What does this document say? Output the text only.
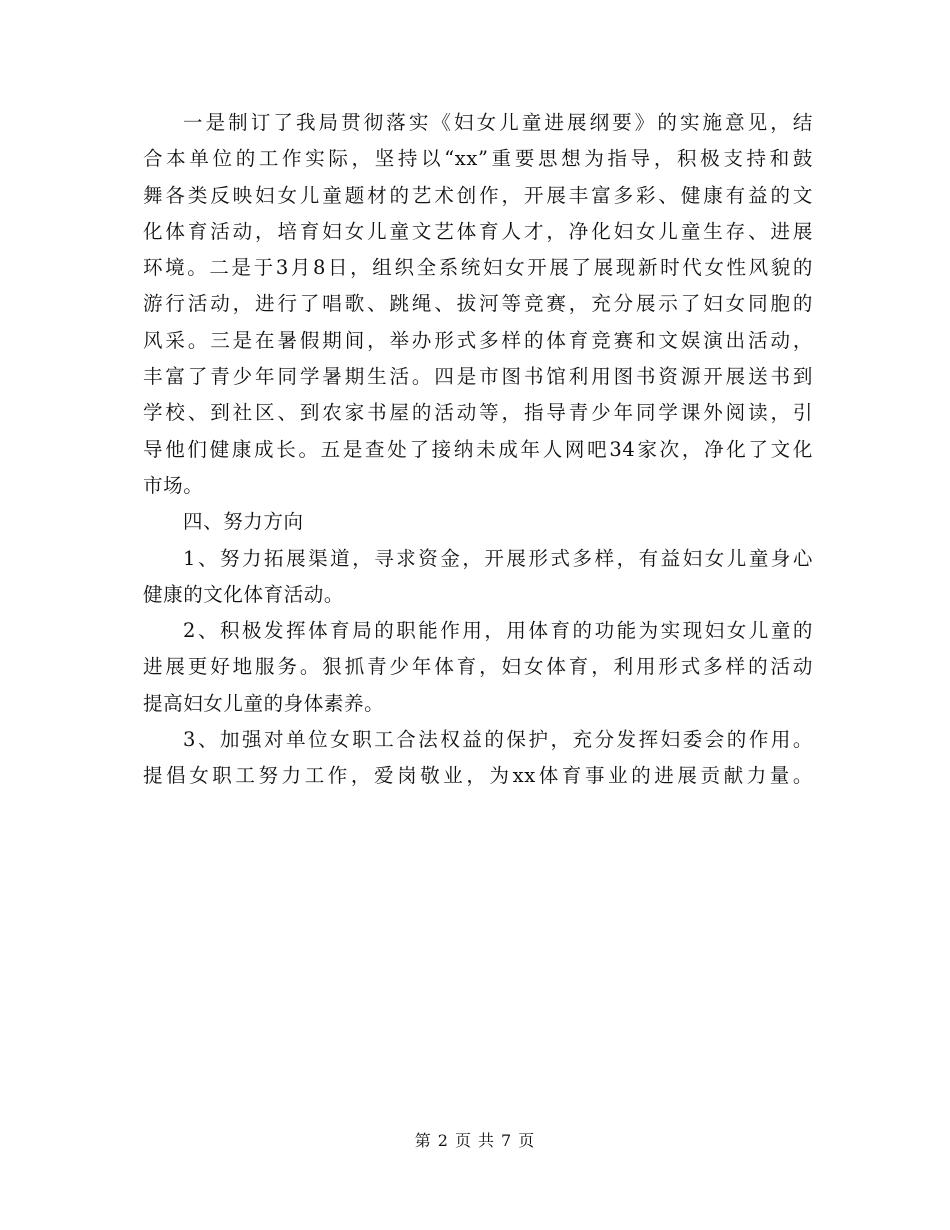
一是制订了我局贯彻落实《妇女儿童进展纲要》的实施意见，结
合本单位的工作实际，坚持以“xx”重要思想为指导，积极支持和鼓
舞各类反映妇女儿童题材的艺术创作，开展丰富多彩、健康有益的文
化体育活动，培育妇女儿童文艺体育人才，净化妇女儿童生存、进展
环境。二是于3月8日，组织全系统妇女开展了展现新时代女性风貌的
游行活动，进行了唱歌、跳绳、拔河等竞赛，充分展示了妇女同胞的
风采。三是在暑假期间，举办形式多样的体育竞赛和文娱演出活动，
丰富了青少年同学暑期生活。四是市图书馆利用图书资源开展送书到
学校、到社区、到农家书屋的活动等，指导青少年同学课外阅读，引
导他们健康成长。五是查处了接纳未成年人网吧34家次，净化了文化
市场。
四、努力方向
1、努力拓展渠道，寻求资金，开展形式多样，有益妇女儿童身心
健康的文化体育活动。
2、积极发挥体育局的职能作用，用体育的功能为实现妇女儿童的
进展更好地服务。狠抓青少年体育，妇女体育，利用形式多样的活动
提高妇女儿童的身体素养。
3、加强对单位女职工合法权益的保护，充分发挥妇委会的作用。
提倡女职工努力工作，爱岗敬业，为xx体育事业的进展贡献力量。
第 2 页 共 7 页
